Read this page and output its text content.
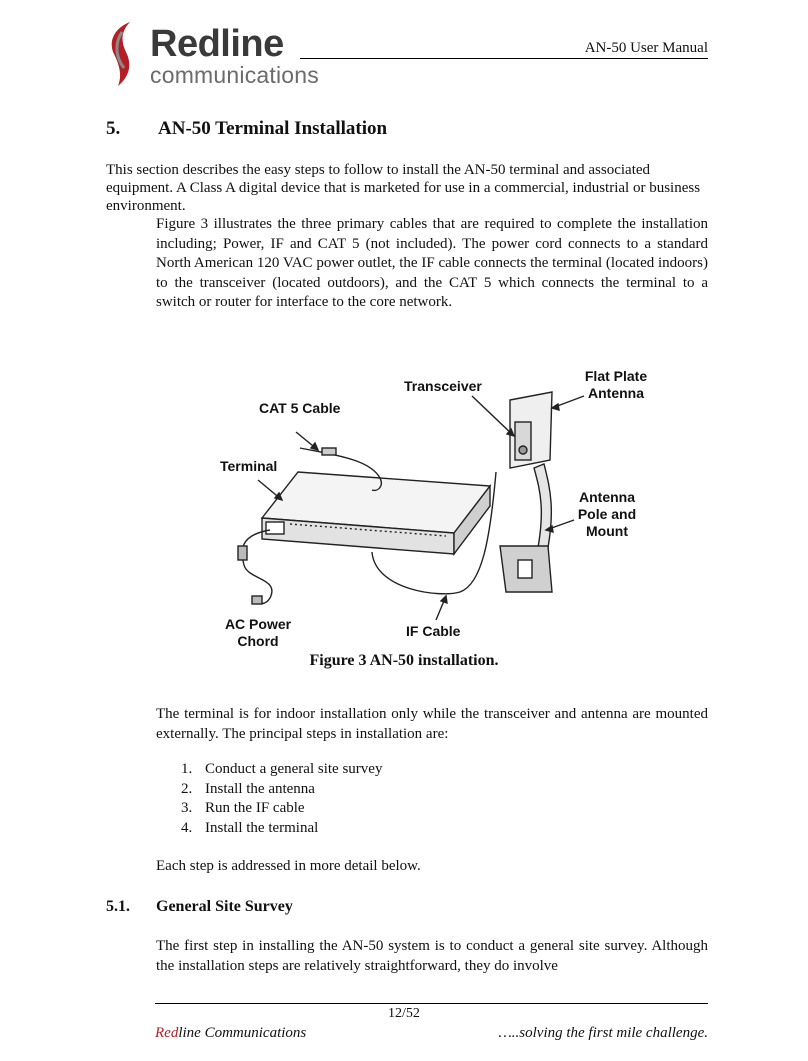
Redline
communications
AN-50 User Manual
5. AN-50 Terminal Installation
This section describes the easy steps to follow to install the AN-50 terminal and associated equipment. A Class A digital device that is marketed for use in a commercial, industrial or business environment.
Figure 3 illustrates the three primary cables that are required to complete the installation including; Power, IF and CAT 5 (not included). The power cord connects to a standard North American 120 VAC power outlet, the IF cable connects the terminal (located indoors) to the transceiver (located outdoors), and the CAT 5 which connects the terminal to a switch or router for interface to the core network.
Transceiver
Flat Plate
Antenna
CAT 5 Cable
Terminal
Antenna
Pole and
Mount
AC Power
Chord
IF Cable
Figure 3 AN-50 installation.
The terminal is for indoor installation only while the transceiver and antenna are mounted externally. The principal steps in installation are:
1. Conduct a general site survey
2. Install the antenna
3. Run the IF cable
4. Install the terminal
Each step is addressed in more detail below.
5.1. General Site Survey
The first step in installing the AN-50 system is to conduct a general site survey. Although the installation steps are relatively straightforward, they do involve
12/52
Redline Communications	…..solving the first mile challenge.
